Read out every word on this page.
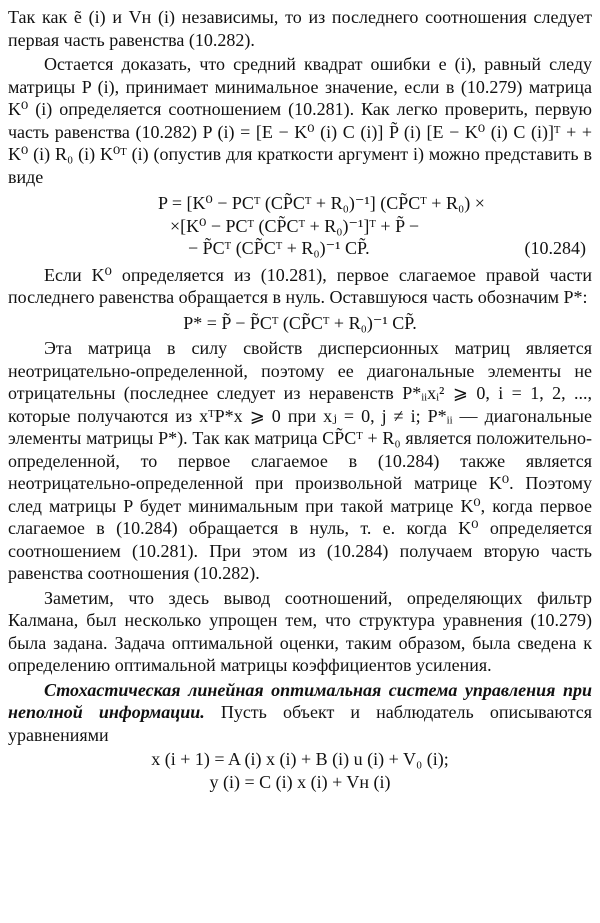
Так как ẽ (i) и Vн (i) независимы, то из последнего соотношения следует первая часть равенства (10.282).

Остается доказать, что средний квадрат ошибки e (i), равный следу матрицы P (i), принимает минимальное значение, если в (10.279) матрица K⁰ (i) определяется соотношением (10.281). Как легко проверить, первую часть равенства (10.282) P (i) = [E − K⁰ (i) C (i)] P̃ (i) [E − K⁰ (i) C (i)]ᵀ + + K⁰ (i) R₀ (i) K⁰ᵀ (i) (опустив для краткости аргумент i) можно представить в виде

P = [K⁰ − PCᵀ (CP̃Cᵀ + R₀)⁻¹] (CP̃Cᵀ + R₀) ×
×[K⁰ − PCᵀ (CP̃Cᵀ + R₀)⁻¹]ᵀ + P̃ −
− P̃Cᵀ (CP̃Cᵀ + R₀)⁻¹ CP̃.	(10.284)

Если K⁰ определяется из (10.281), первое слагаемое правой части последнего равенства обращается в нуль. Оставшуюся часть обозначим P*:

P* = P̃ − P̃Cᵀ (CP̃Cᵀ + R₀)⁻¹ CP̃.

Эта матрица в силу свойств дисперсионных матриц является неотрицательно-определенной, поэтому ее диагональные элементы не отрицательны (последнее следует из неравенств P*ᵢᵢxᵢ² ⩾ 0, i = 1, 2, ..., которые получаются из xᵀP*x ⩾ 0 при xⱼ = 0, j ≠ i; P*ᵢᵢ — диагональные элементы матрицы P*). Так как матрица CP̃Cᵀ + R₀ является положительно-определенной, то первое слагаемое в (10.284) также является неотрицательно-определенной при произвольной матрице K⁰. Поэтому след матрицы P будет минимальным при такой матрице K⁰, когда первое слагаемое в (10.284) обращается в нуль, т. е. когда K⁰ определяется соотношением (10.281). При этом из (10.284) получаем вторую часть равенства соотношения (10.282).

Заметим, что здесь вывод соотношений, определяющих фильтр Калмана, был несколько упрощен тем, что структура уравнения (10.279) была задана. Задача оптимальной оценки, таким образом, была сведена к определению оптимальной матрицы коэффициентов усиления.

Стохастическая линейная оптимальная система управления при неполной информации. Пусть объект и наблюдатель описываются уравнениями

x (i + 1) = A (i) x (i) + B (i) u (i) + V₀ (i);
y (i) = C (i) x (i) + Vн (i)
